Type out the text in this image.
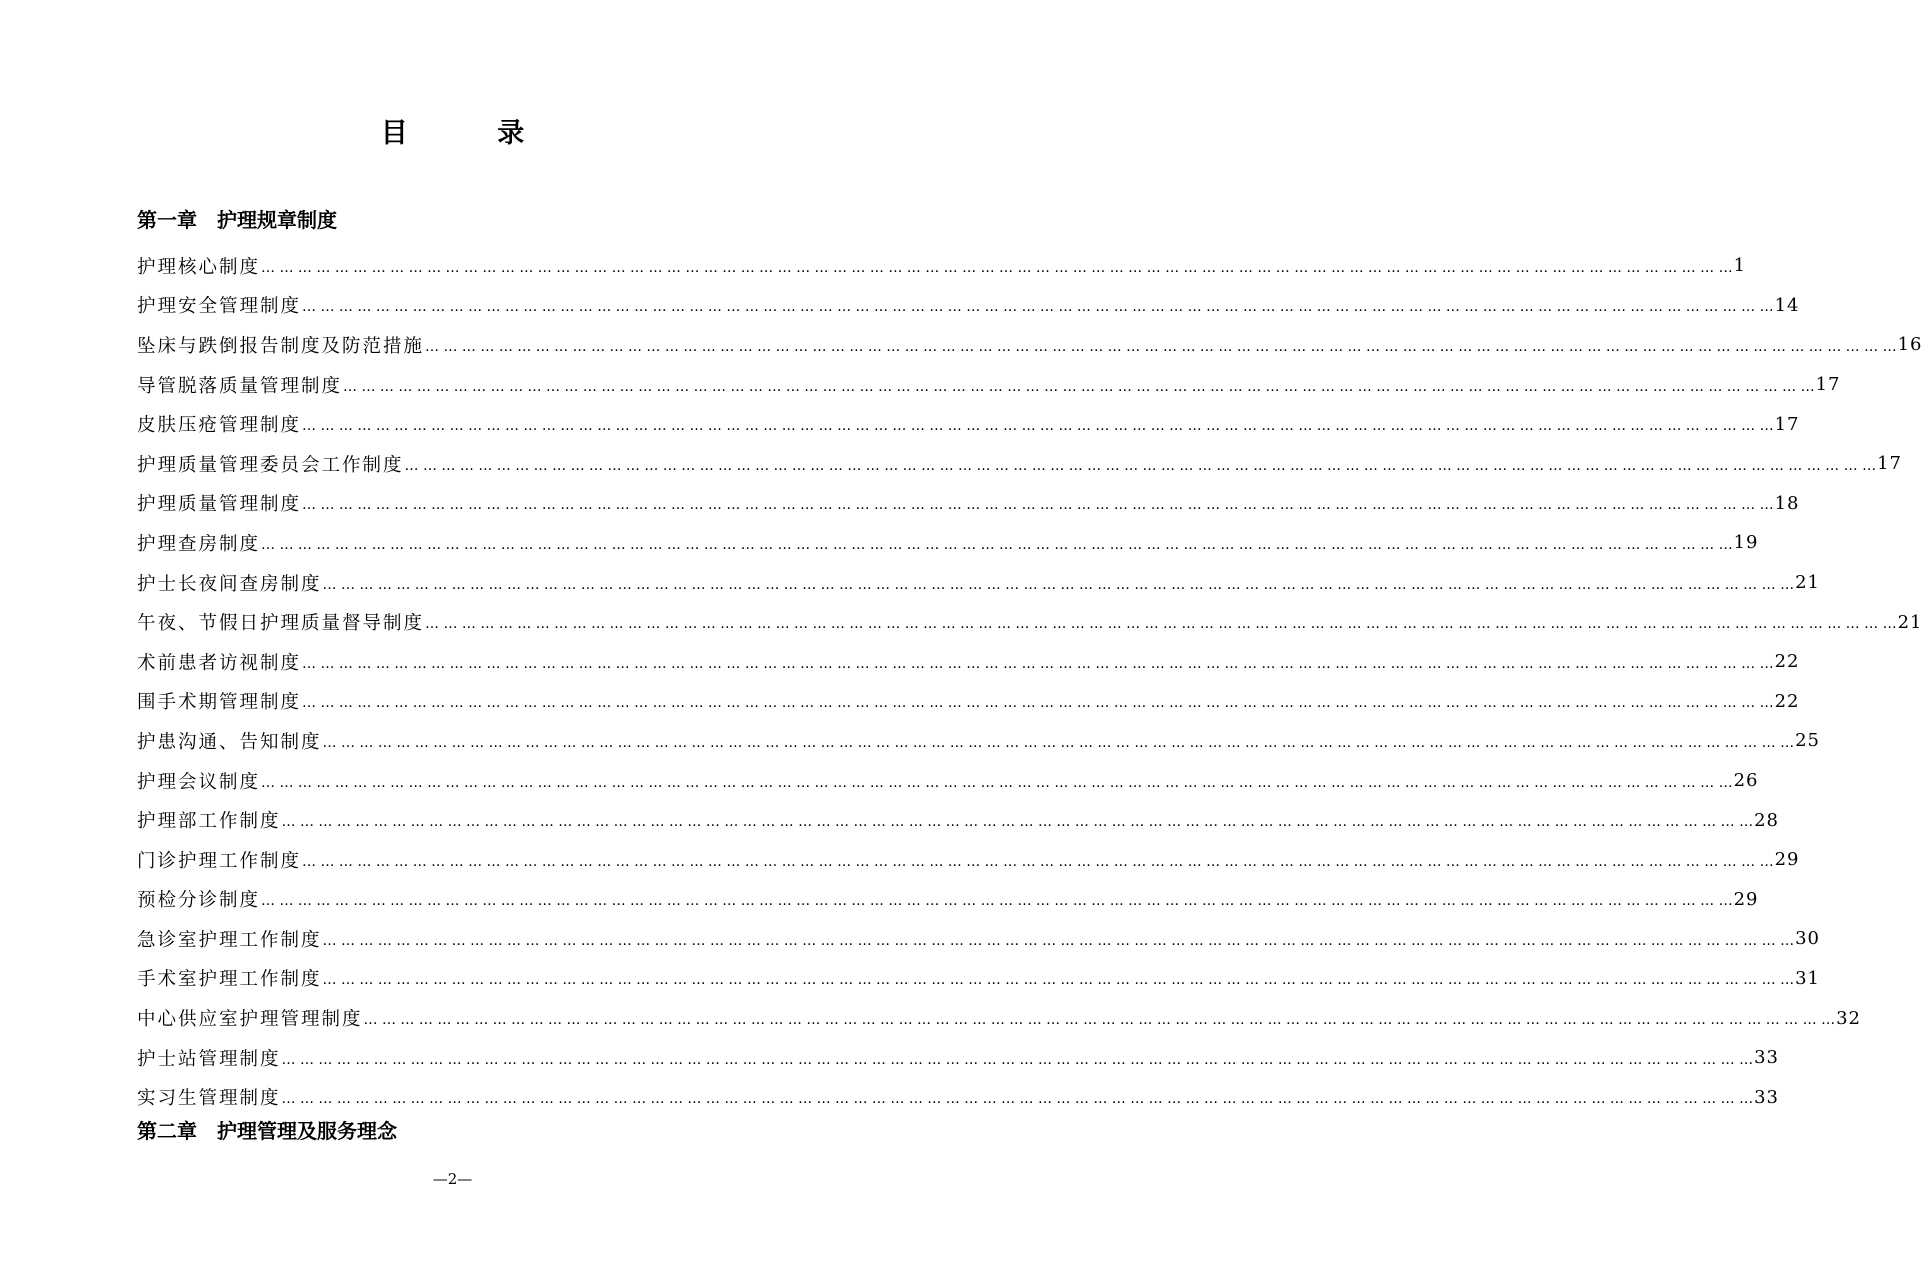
目 录
第一章 护理规章制度
护理核心制度 … … … … … … … … … … … … … … … … … … … … … … … … … … … … … … … … … … … … … … … … … … … … … … … … … … … … … … … … … … … … … … … … … … … … … … … … … … … … … … … … 1
护理安全管理制度 … … … … … … … … … … … … … … … … … … … … … … … … … … … … … … … … … … … … … … … … … … … … … … … … … … … … … … … … … … … … … … … … … … … … … … … … … … … … … … … … 14
坠床与跌倒报告制度及防范措施 … … … … … … … … … … … … … … … … … … … … … … … … … … … … … … … … … … … … … … … … … … … … … … … … … … … … … … … … … … … … … … … … … … … … … … … … … … … … … … … … 16
导管脱落质量管理制度 … … … … … … … … … … … … … … … … … … … … … … … … … … … … … … … … … … … … … … … … … … … … … … … … … … … … … … … … … … … … … … … … … … … … … … … … … … … … … … … … 17
皮肤压疮管理制度 … … … … … … … … … … … … … … … … … … … … … … … … … … … … … … … … … … … … … … … … … … … … … … … … … … … … … … … … … … … … … … … … … … … … … … … … … … … … … … … … 17
护理质量管理委员会工作制度 … … … … … … … … … … … … … … … … … … … … … … … … … … … … … … … … … … … … … … … … … … … … … … … … … … … … … … … … … … … … … … … … … … … … … … … … … … … … … … … … 17
护理质量管理制度 … … … … … … … … … … … … … … … … … … … … … … … … … … … … … … … … … … … … … … … … … … … … … … … … … … … … … … … … … … … … … … … … … … … … … … … … … … … … … … … … 18
护理查房制度 … … … … … … … … … … … … … … … … … … … … … … … … … … … … … … … … … … … … … … … … … … … … … … … … … … … … … … … … … … … … … … … … … … … … … … … … … … … … … … … … 19
护士长夜间查房制度 … … … … … … … … … … … … … … … … … … … … … … … … … … … … … … … … … … … … … … … … … … … … … … … … … … … … … … … … … … … … … … … … … … … … … … … … … … … … … … … … 21
午夜、节假日护理质量督导制度 … … … … … … … … … … … … … … … … … … … … … … … … … … … … … … … … … … … … … … … … … … … … … … … … … … … … … … … … … … … … … … … … … … … … … … … … … … … … … … … … 21
术前患者访视制度 … … … … … … … … … … … … … … … … … … … … … … … … … … … … … … … … … … … … … … … … … … … … … … … … … … … … … … … … … … … … … … … … … … … … … … … … … … … … … … … … 22
围手术期管理制度 … … … … … … … … … … … … … … … … … … … … … … … … … … … … … … … … … … … … … … … … … … … … … … … … … … … … … … … … … … … … … … … … … … … … … … … … … … … … … … … … 22
护患沟通、告知制度 … … … … … … … … … … … … … … … … … … … … … … … … … … … … … … … … … … … … … … … … … … … … … … … … … … … … … … … … … … … … … … … … … … … … … … … … … … … … … … … … 25
护理会议制度 … … … … … … … … … … … … … … … … … … … … … … … … … … … … … … … … … … … … … … … … … … … … … … … … … … … … … … … … … … … … … … … … … … … … … … … … … … … … … … … … 26
护理部工作制度 … … … … … … … … … … … … … … … … … … … … … … … … … … … … … … … … … … … … … … … … … … … … … … … … … … … … … … … … … … … … … … … … … … … … … … … … … … … … … … … … 28
门诊护理工作制度 … … … … … … … … … … … … … … … … … … … … … … … … … … … … … … … … … … … … … … … … … … … … … … … … … … … … … … … … … … … … … … … … … … … … … … … … … … … … … … … … 29
预检分诊制度 … … … … … … … … … … … … … … … … … … … … … … … … … … … … … … … … … … … … … … … … … … … … … … … … … … … … … … … … … … … … … … … … … … … … … … … … … … … … … … … … 29
急诊室护理工作制度 … … … … … … … … … … … … … … … … … … … … … … … … … … … … … … … … … … … … … … … … … … … … … … … … … … … … … … … … … … … … … … … … … … … … … … … … … … … … … … … … 30
手术室护理工作制度 … … … … … … … … … … … … … … … … … … … … … … … … … … … … … … … … … … … … … … … … … … … … … … … … … … … … … … … … … … … … … … … … … … … … … … … … … … … … … … … … 31
中心供应室护理管理制度 … … … … … … … … … … … … … … … … … … … … … … … … … … … … … … … … … … … … … … … … … … … … … … … … … … … … … … … … … … … … … … … … … … … … … … … … … … … … … … … … 32
护士站管理制度 … … … … … … … … … … … … … … … … … … … … … … … … … … … … … … … … … … … … … … … … … … … … … … … … … … … … … … … … … … … … … … … … … … … … … … … … … … … … … … … … 33
实习生管理制度 … … … … … … … … … … … … … … … … … … … … … … … … … … … … … … … … … … … … … … … … … … … … … … … … … … … … … … … … … … … … … … … … … … … … … … … … … … … … … … … … 33
第二章 护理管理及服务理念
—2—
